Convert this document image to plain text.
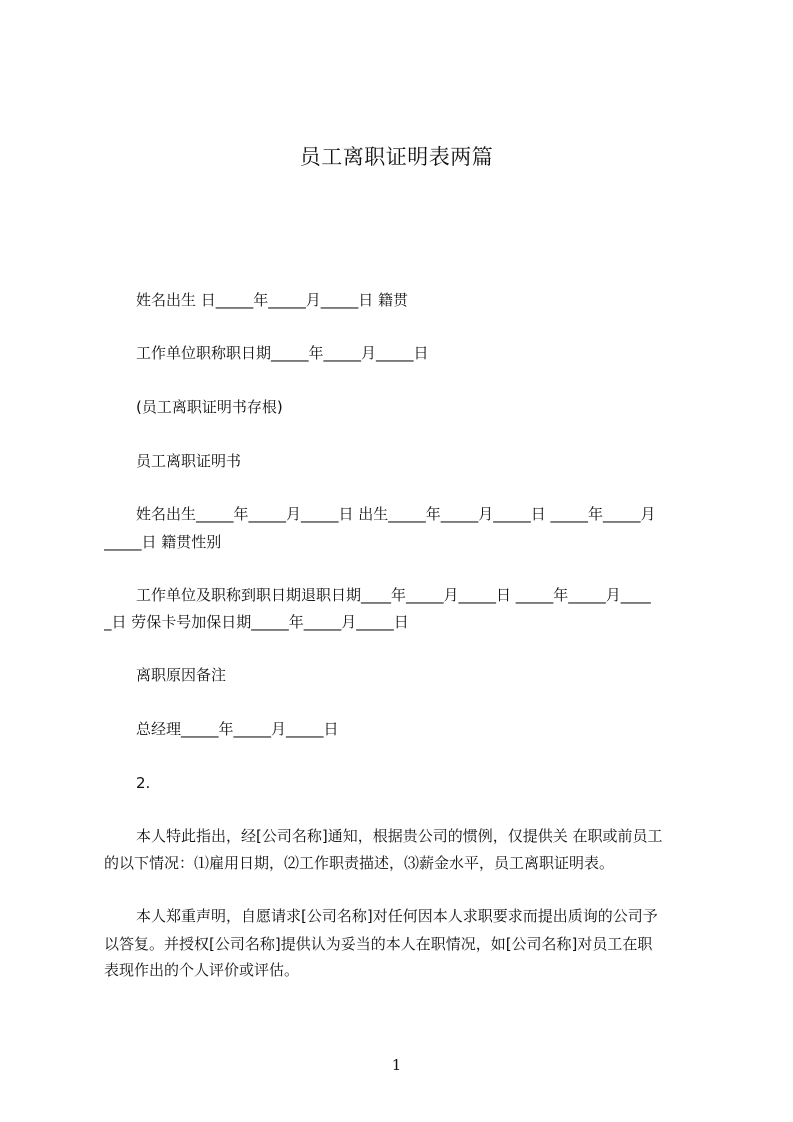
员工离职证明表两篇
姓名出生 日_____年_____月_____日 籍贯
工作单位职称职日期_____年_____月_____日
(员工离职证明书存根)
员工离职证明书
姓名出生_____年_____月_____日 出生_____年_____月_____日 _____年_____月
_____日 籍贯性别
工作单位及职称到职日期退职日期____年_____月_____日 _____年_____月____
_日 劳保卡号加保日期_____年_____月_____日
离职原因备注
总经理_____年_____月_____日
2.
本人特此指出，经[公司名称]通知，根据贵公司的惯例，仅提供关 在职或前员工
的以下情况：⑴雇用日期，⑵工作职责描述，⑶薪金水平，员工离职证明表。
本人郑重声明，自愿请求[公司名称]对任何因本人求职要求而提出质询的公司予
以答复。并授权[公司名称]提供认为妥当的本人在职情况，如[公司名称]对员工在职
表现作出的个人评价或评估。
1
